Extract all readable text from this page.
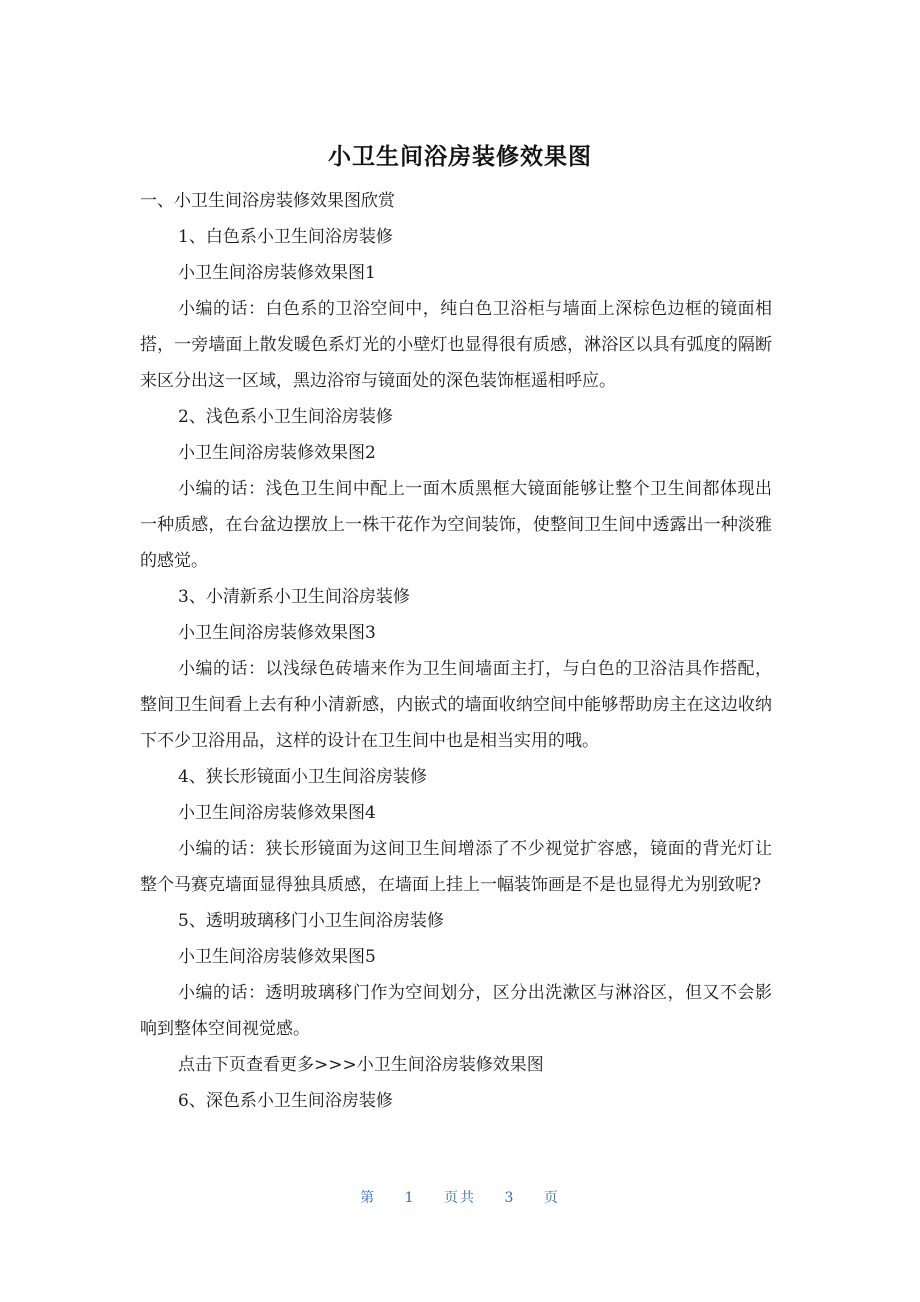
小卫生间浴房装修效果图

一、小卫生间浴房装修效果图欣赏

1、白色系小卫生间浴房装修

小卫生间浴房装修效果图1

小编的话：白色系的卫浴空间中，纯白色卫浴柜与墙面上深棕色边框的镜面相搭，一旁墙面上散发暖色系灯光的小壁灯也显得很有质感，淋浴区以具有弧度的隔断来区分出这一区域，黑边浴帘与镜面处的深色装饰框遥相呼应。

2、浅色系小卫生间浴房装修

小卫生间浴房装修效果图2

小编的话：浅色卫生间中配上一面木质黑框大镜面能够让整个卫生间都体现出一种质感，在台盆边摆放上一株干花作为空间装饰，使整间卫生间中透露出一种淡雅的感觉。

3、小清新系小卫生间浴房装修

小卫生间浴房装修效果图3

小编的话：以浅绿色砖墙来作为卫生间墙面主打，与白色的卫浴洁具作搭配，整间卫生间看上去有种小清新感，内嵌式的墙面收纳空间中能够帮助房主在这边收纳下不少卫浴用品，这样的设计在卫生间中也是相当实用的哦。

4、狭长形镜面小卫生间浴房装修

小卫生间浴房装修效果图4

小编的话：狭长形镜面为这间卫生间增添了不少视觉扩容感，镜面的背光灯让整个马赛克墙面显得独具质感，在墙面上挂上一幅装饰画是不是也显得尤为别致呢?

5、透明玻璃移门小卫生间浴房装修

小卫生间浴房装修效果图5

小编的话：透明玻璃移门作为空间划分，区分出洗漱区与淋浴区，但又不会影响到整体空间视觉感。

点击下页查看更多>>>小卫生间浴房装修效果图

6、深色系小卫生间浴房装修

第 1 页共 3 页
